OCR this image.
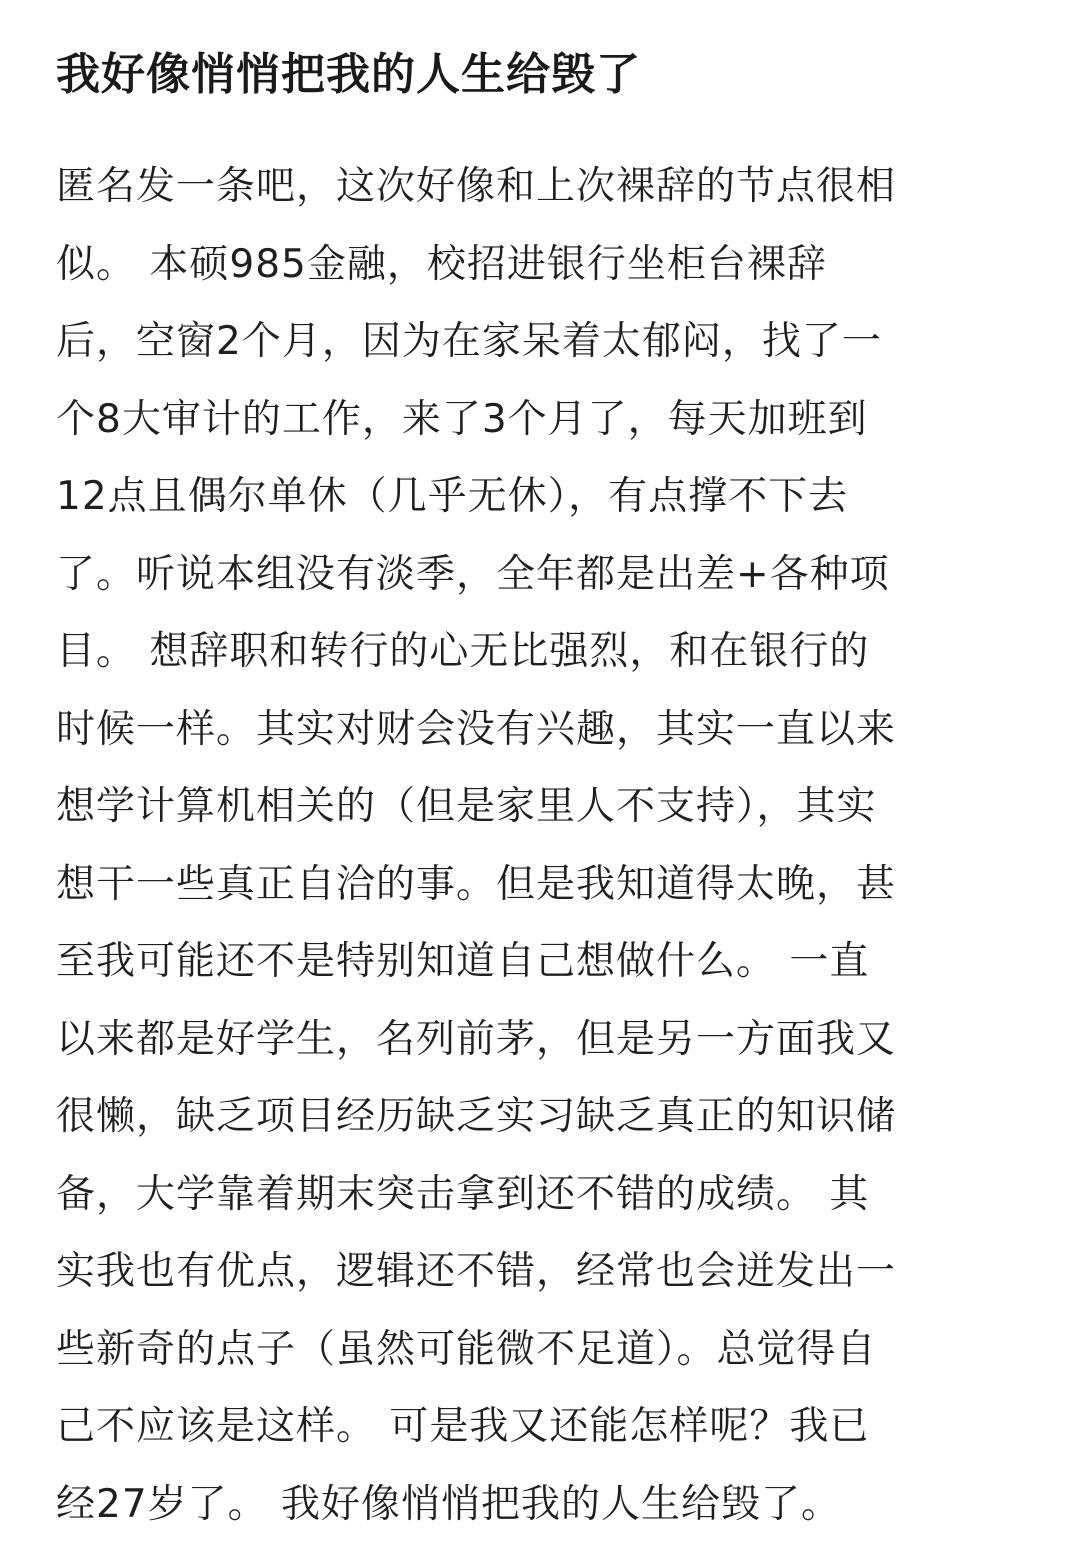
我好像悄悄把我的人生给毁了
匿名发一条吧，这次好像和上次裸辞的节点很相
似。 本硕985金融，校招进银行坐柜台裸辞
后，空窗2个月，因为在家呆着太郁闷，找了一
个8大审计的工作，来了3个月了，每天加班到
12点且偶尔单休（几乎无休），有点撑不下去
了。听说本组没有淡季，全年都是出差+各种项
目。 想辞职和转行的心无比强烈，和在银行的
时候一样。其实对财会没有兴趣，其实一直以来
想学计算机相关的（但是家里人不支持），其实
想干一些真正自洽的事。但是我知道得太晚，甚
至我可能还不是特别知道自己想做什么。 一直
以来都是好学生，名列前茅，但是另一方面我又
很懒，缺乏项目经历缺乏实习缺乏真正的知识储
备，大学靠着期末突击拿到还不错的成绩。 其
实我也有优点，逻辑还不错，经常也会迸发出一
些新奇的点子（虽然可能微不足道）。总觉得自
己不应该是这样。 可是我又还能怎样呢？我已
经27岁了。 我好像悄悄把我的人生给毁了。
